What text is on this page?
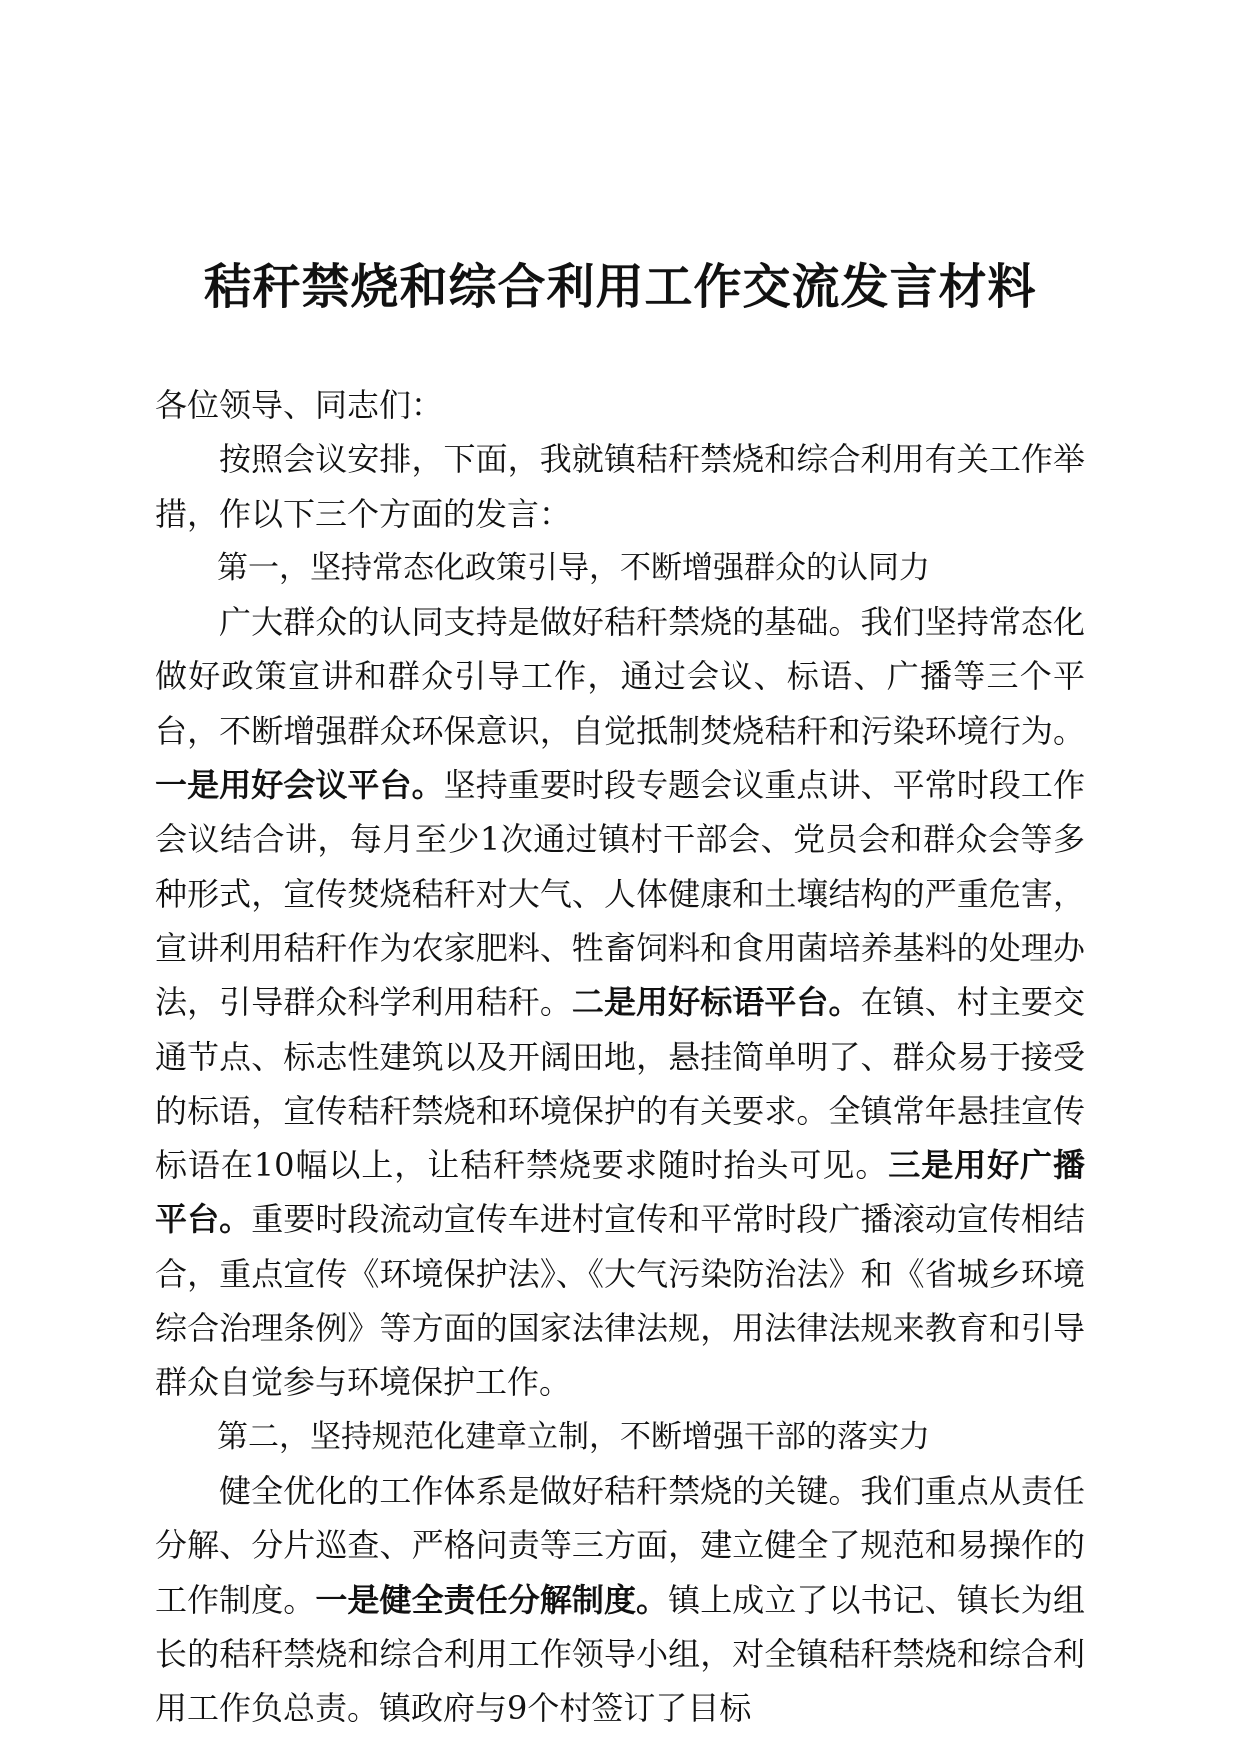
秸秆禁烧和综合利用工作交流发言材料

各位领导、同志们：

按照会议安排，下面，我就镇秸秆禁烧和综合利用有关工作举措，作以下三个方面的发言：

第一，坚持常态化政策引导，不断增强群众的认同力

广大群众的认同支持是做好秸秆禁烧的基础。我们坚持常态化做好政策宣讲和群众引导工作，通过会议、标语、广播等三个平台，不断增强群众环保意识，自觉抵制焚烧秸秆和污染环境行为。一是用好会议平台。坚持重要时段专题会议重点讲、平常时段工作会议结合讲，每月至少1次通过镇村干部会、党员会和群众会等多种形式，宣传焚烧秸秆对大气、人体健康和土壤结构的严重危害，宣讲利用秸秆作为农家肥料、牲畜饲料和食用菌培养基料的处理办法，引导群众科学利用秸秆。二是用好标语平台。在镇、村主要交通节点、标志性建筑以及开阔田地，悬挂简单明了、群众易于接受的标语，宣传秸秆禁烧和环境保护的有关要求。全镇常年悬挂宣传标语在10幅以上，让秸秆禁烧要求随时抬头可见。三是用好广播平台。重要时段流动宣传车进村宣传和平常时段广播滚动宣传相结合，重点宣传《环境保护法》、《大气污染防治法》和《省城乡环境综合治理条例》等方面的国家法律法规，用法律法规来教育和引导群众自觉参与环境保护工作。

第二，坚持规范化建章立制，不断增强干部的落实力

健全优化的工作体系是做好秸秆禁烧的关键。我们重点从责任分解、分片巡查、严格问责等三方面，建立健全了规范和易操作的工作制度。一是健全责任分解制度。镇上成立了以书记、镇长为组长的秸秆禁烧和综合利用工作领导小组，对全镇秸秆禁烧和综合利用工作负总责。镇政府与9个村签订了目标
